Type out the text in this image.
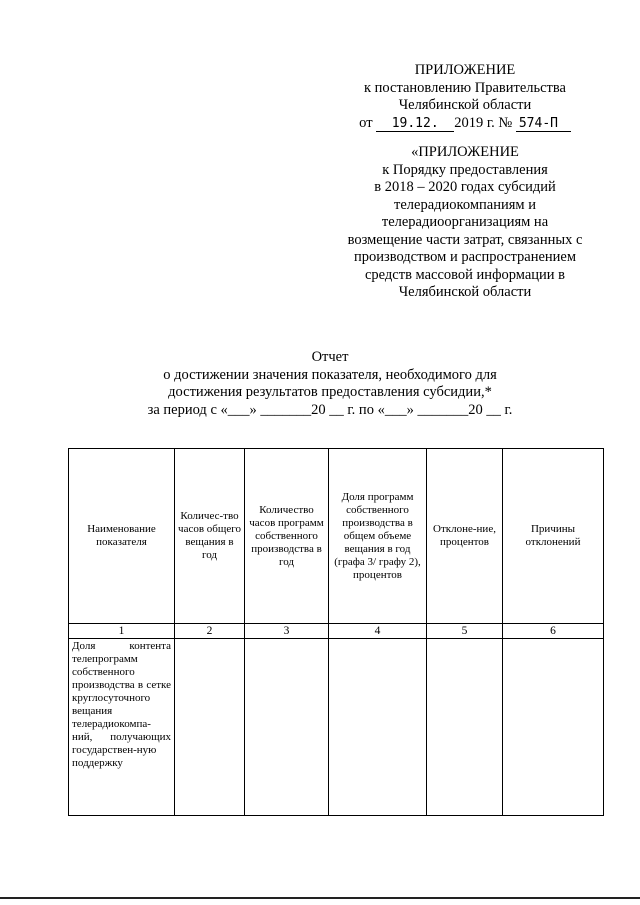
ПРИЛОЖЕНИЕ
к постановлению Правительства
Челябинской области
от 19.12. 2019 г. № 574-П
«ПРИЛОЖЕНИЕ
к Порядку предоставления
в 2018 – 2020 годах субсидий
телерадиокомпаниям и
телерадиоорганизациям на
возмещение части затрат, связанных с
производством и распространением
средств массовой информации в
Челябинской области
Отчет
о достижении значения показателя, необходимого для
достижения результатов предоставления субсидии,*
за период с «___» _______20 __ г. по «___» _______20 __ г.
Наименование показателя	Количес-тво часов общего вещания в год	Количество часов программ собственного производства в год	Доля программ собственного производства в общем объеме вещания в год (графа 3/ графу 2), процентов	Отклоне-ние, процентов	Причины отклонений
1	2	3	4	5	6
Доля контента телепрограмм собственного производства в сетке круглосуточного вещания телерадиокомпа-ний, получающих государствен-ную поддержку					
